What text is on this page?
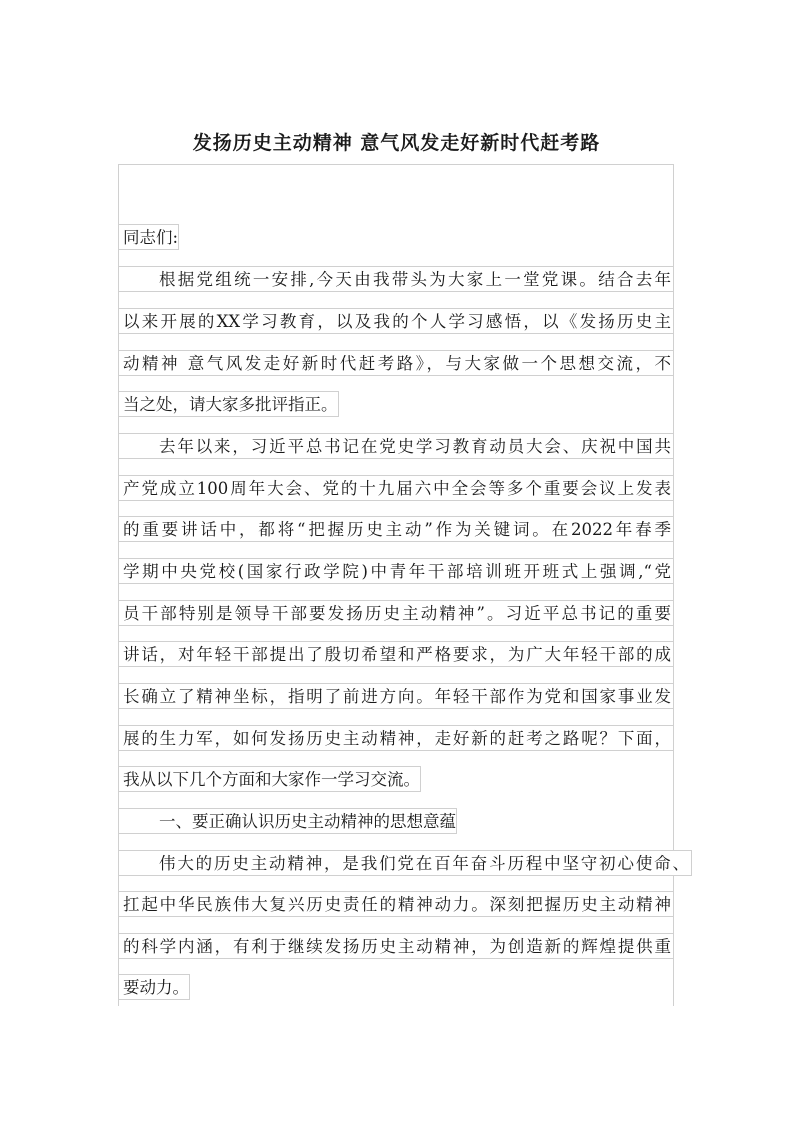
发扬历史主动精神 意气风发走好新时代赶考路
同志们:
根据党组统一安排,今天由我带头为大家上一堂党课。结合去年
以来开展的XX学习教育，以及我的个人学习感悟，以《发扬历史主
动精神 意气风发走好新时代赶考路》，与大家做一个思想交流，不
当之处，请大家多批评指正。
去年以来，习近平总书记在党史学习教育动员大会、庆祝中国共
产党成立100周年大会、党的十九届六中全会等多个重要会议上发表
的重要讲话中，都将“把握历史主动”作为关键词。在2022年春季
学期中央党校(国家行政学院)中青年干部培训班开班式上强调,“党
员干部特别是领导干部要发扬历史主动精神”。习近平总书记的重要
讲话，对年轻干部提出了殷切希望和严格要求，为广大年轻干部的成
长确立了精神坐标，指明了前进方向。年轻干部作为党和国家事业发
展的生力军，如何发扬历史主动精神，走好新的赶考之路呢？下面，
我从以下几个方面和大家作一学习交流。
一、要正确认识历史主动精神的思想意蕴
伟大的历史主动精神，是我们党在百年奋斗历程中坚守初心使命、
扛起中华民族伟大复兴历史责任的精神动力。深刻把握历史主动精神
的科学内涵，有利于继续发扬历史主动精神，为创造新的辉煌提供重
要动力。
